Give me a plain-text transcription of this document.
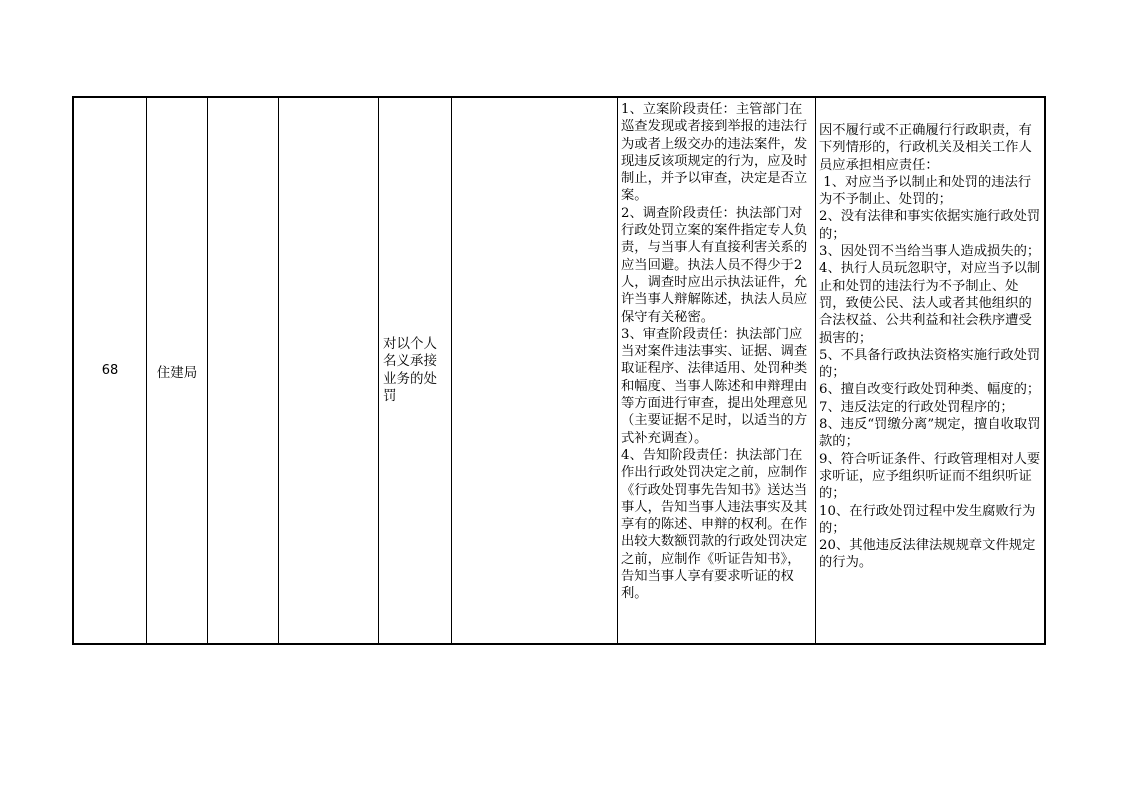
68	住建局
对以个人名义承接业务的处罚

1、立案阶段责任：主管部门在巡查发现或者接到举报的违法行为或者上级交办的违法案件，发现违反该项规定的行为，应及时制止，并予以审查，决定是否立案。

2、调查阶段责任：执法部门对行政处罚立案的案件指定专人负责，与当事人有直接利害关系的应当回避。执法人员不得少于2人，调查时应出示执法证件，允许当事人辩解陈述，执法人员应保守有关秘密。

3、审查阶段责任：执法部门应当对案件违法事实、证据、调查取证程序、法律适用、处罚种类和幅度、当事人陈述和申辩理由等方面进行审查，提出处理意见（主要证据不足时，以适当的方式补充调查）。

4、告知阶段责任：执法部门在作出行政处罚决定之前，应制作《行政处罚事先告知书》送达当事人，告知当事人违法事实及其享有的陈述、申辩的权利。在作出较大数额罚款的行政处罚决定之前，应制作《听证告知书》，告知当事人享有要求听证的权利。

因不履行或不正确履行行政职责，有下列情形的，行政机关及相关工作人员应承担相应责任：

1、对应当予以制止和处罚的违法行为不予制止、处罚的；

2、没有法律和事实依据实施行政处罚的；

3、因处罚不当给当事人造成损失的；

4、执行人员玩忽职守，对应当予以制止和处罚的违法行为不予制止、处罚，致使公民、法人或者其他组织的合法权益、公共利益和社会秩序遭受损害的；

5、不具备行政执法资格实施行政处罚的；

6、擅自改变行政处罚种类、幅度的；

7、违反法定的行政处罚程序的；

8、违反“罚缴分离”规定，擅自收取罚款的；

9、符合听证条件、行政管理相对人要求听证，应予组织听证而不组织听证的；

10、在行政处罚过程中发生腐败行为的；

20、其他违反法律法规规章文件规定的行为。
